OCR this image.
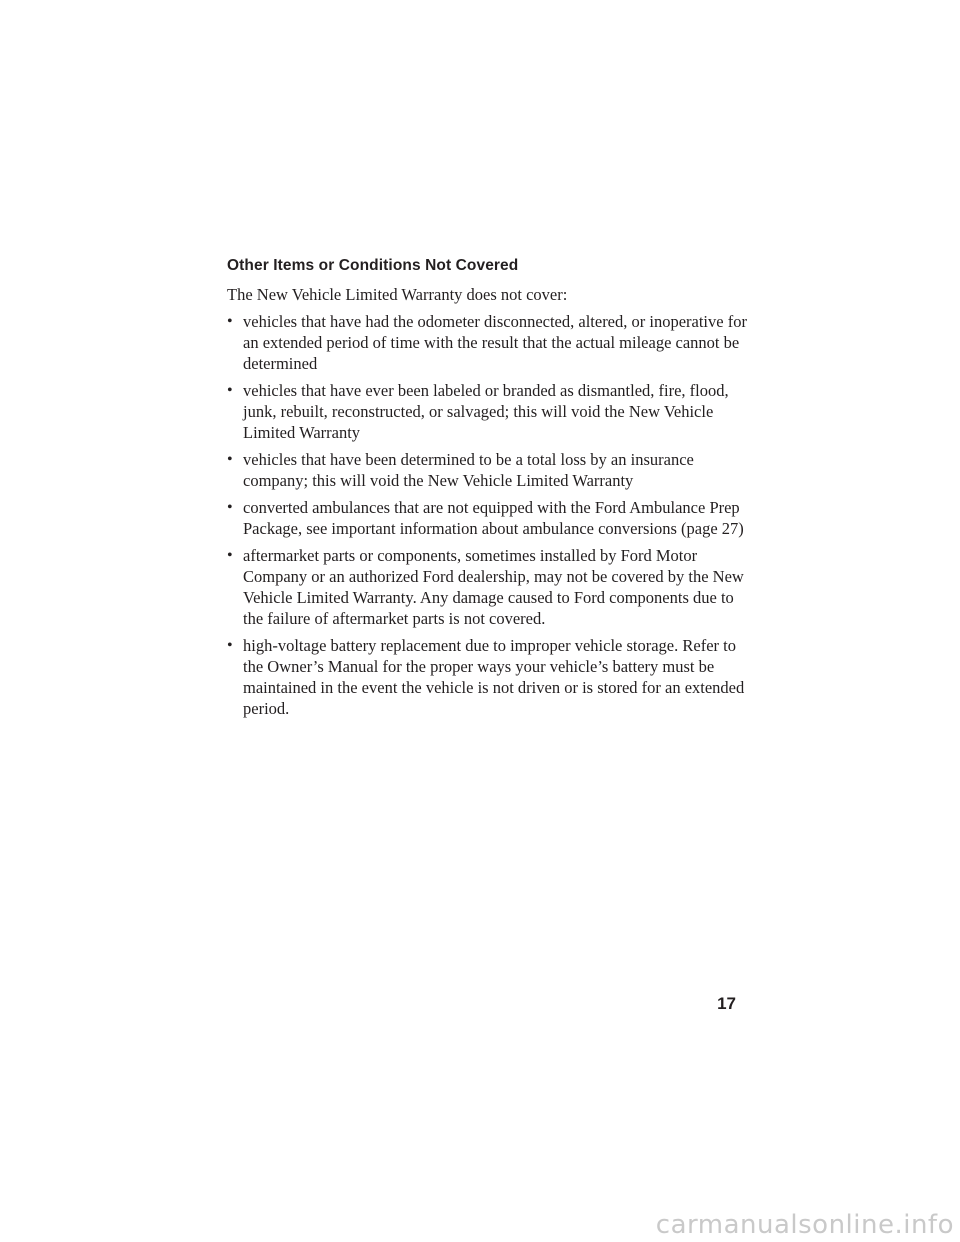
Other Items or Conditions Not Covered

The New Vehicle Limited Warranty does not cover:

• vehicles that have had the odometer disconnected, altered, or inoperative for an extended period of time with the result that the actual mileage cannot be determined
• vehicles that have ever been labeled or branded as dismantled, fire, flood, junk, rebuilt, reconstructed, or salvaged; this will void the New Vehicle Limited Warranty
• vehicles that have been determined to be a total loss by an insurance company; this will void the New Vehicle Limited Warranty
• converted ambulances that are not equipped with the Ford Ambulance Prep Package, see important information about ambulance conversions (page 27)
• aftermarket parts or components, sometimes installed by Ford Motor Company or an authorized Ford dealership, may not be covered by the New Vehicle Limited Warranty. Any damage caused to Ford components due to the failure of aftermarket parts is not covered.
• high-voltage battery replacement due to improper vehicle storage. Refer to the Owner’s Manual for the proper ways your vehicle’s battery must be maintained in the event the vehicle is not driven or is stored for an extended period.
17
carmanualsonline.info
